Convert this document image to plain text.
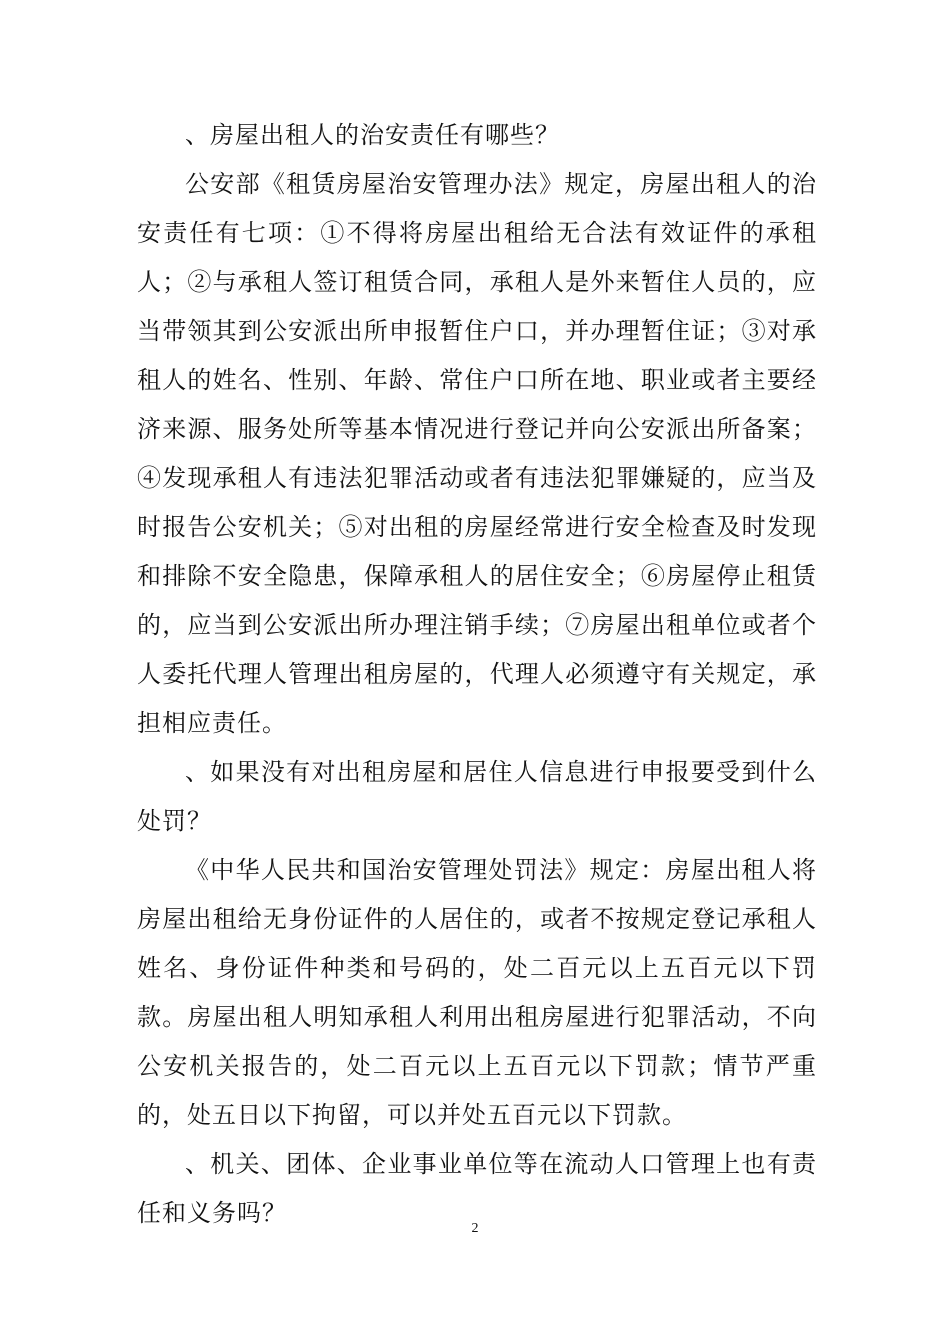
、房屋出租人的治安责任有哪些？

公安部《租赁房屋治安管理办法》规定，房屋出租人的治安责任有七项：①不得将房屋出租给无合法有效证件的承租人；②与承租人签订租赁合同，承租人是外来暂住人员的，应当带领其到公安派出所申报暂住户口，并办理暂住证；③对承租人的姓名、性别、年龄、常住户口所在地、职业或者主要经济来源、服务处所等基本情况进行登记并向公安派出所备案；④发现承租人有违法犯罪活动或者有违法犯罪嫌疑的，应当及时报告公安机关；⑤对出租的房屋经常进行安全检查及时发现和排除不安全隐患，保障承租人的居住安全；⑥房屋停止租赁的，应当到公安派出所办理注销手续；⑦房屋出租单位或者个人委托代理人管理出租房屋的，代理人必须遵守有关规定，承担相应责任。

、如果没有对出租房屋和居住人信息进行申报要受到什么处罚？

《中华人民共和国治安管理处罚法》规定：房屋出租人将房屋出租给无身份证件的人居住的，或者不按规定登记承租人姓名、身份证件种类和号码的，处二百元以上五百元以下罚款。房屋出租人明知承租人利用出租房屋进行犯罪活动，不向公安机关报告的，处二百元以上五百元以下罚款；情节严重的，处五日以下拘留，可以并处五百元以下罚款。

、机关、团体、企业事业单位等在流动人口管理上也有责任和义务吗？

2
